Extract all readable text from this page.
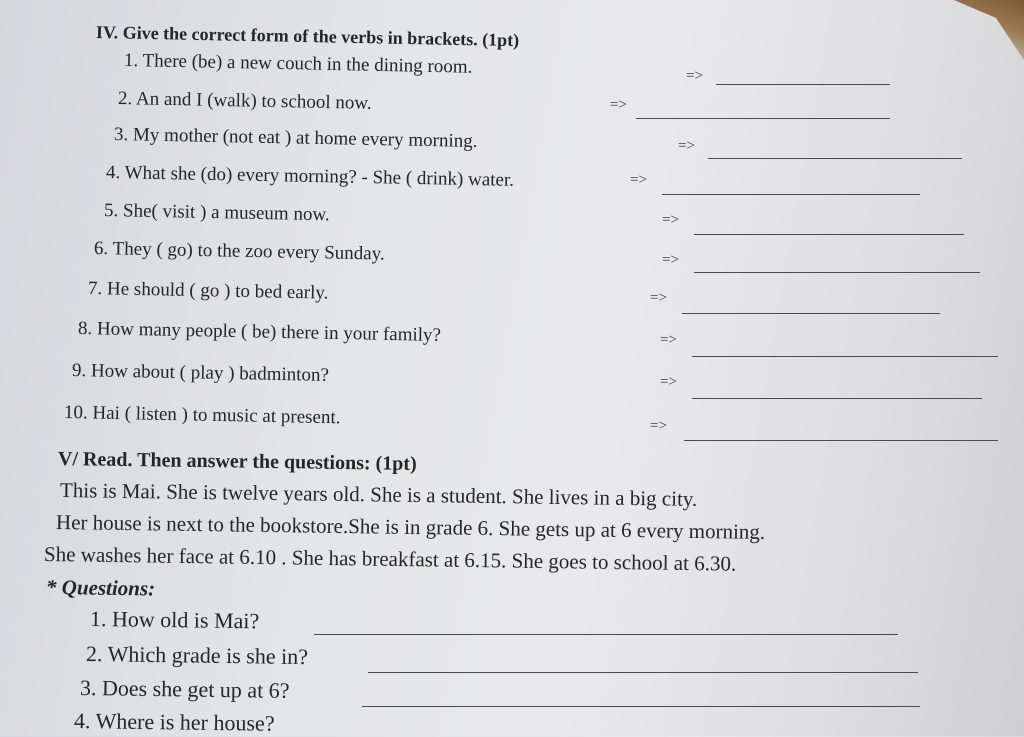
IV. Give the correct form of the verbs in brackets. (1pt)
1. There (be) a new couch in the dining room.	=>
2. An and I (walk) to school now.	=>
3. My mother (not eat ) at home every morning.	=>
4. What she (do) every morning? - She ( drink) water.	=>
5. She( visit ) a museum now.	=>
6. They ( go) to the zoo every Sunday.	=>
7. He should ( go ) to bed early.	=>
8. How many people ( be) there in your family?	=>
9. How about ( play ) badminton?	=>
10. Hai ( listen ) to music at present.	=>
V/ Read. Then answer the questions: (1pt)
This is Mai. She is twelve years old. She is a student. She lives in a big city.
Her house is next to the bookstore.She is in grade 6. She gets up at 6 every morning.
She washes her face at 6.10 . She has breakfast at 6.15. She goes to school at 6.30.
* Questions:
1. How old is Mai?
2. Which grade is she in?
3. Does she get up at 6?
4. Where is her house?
